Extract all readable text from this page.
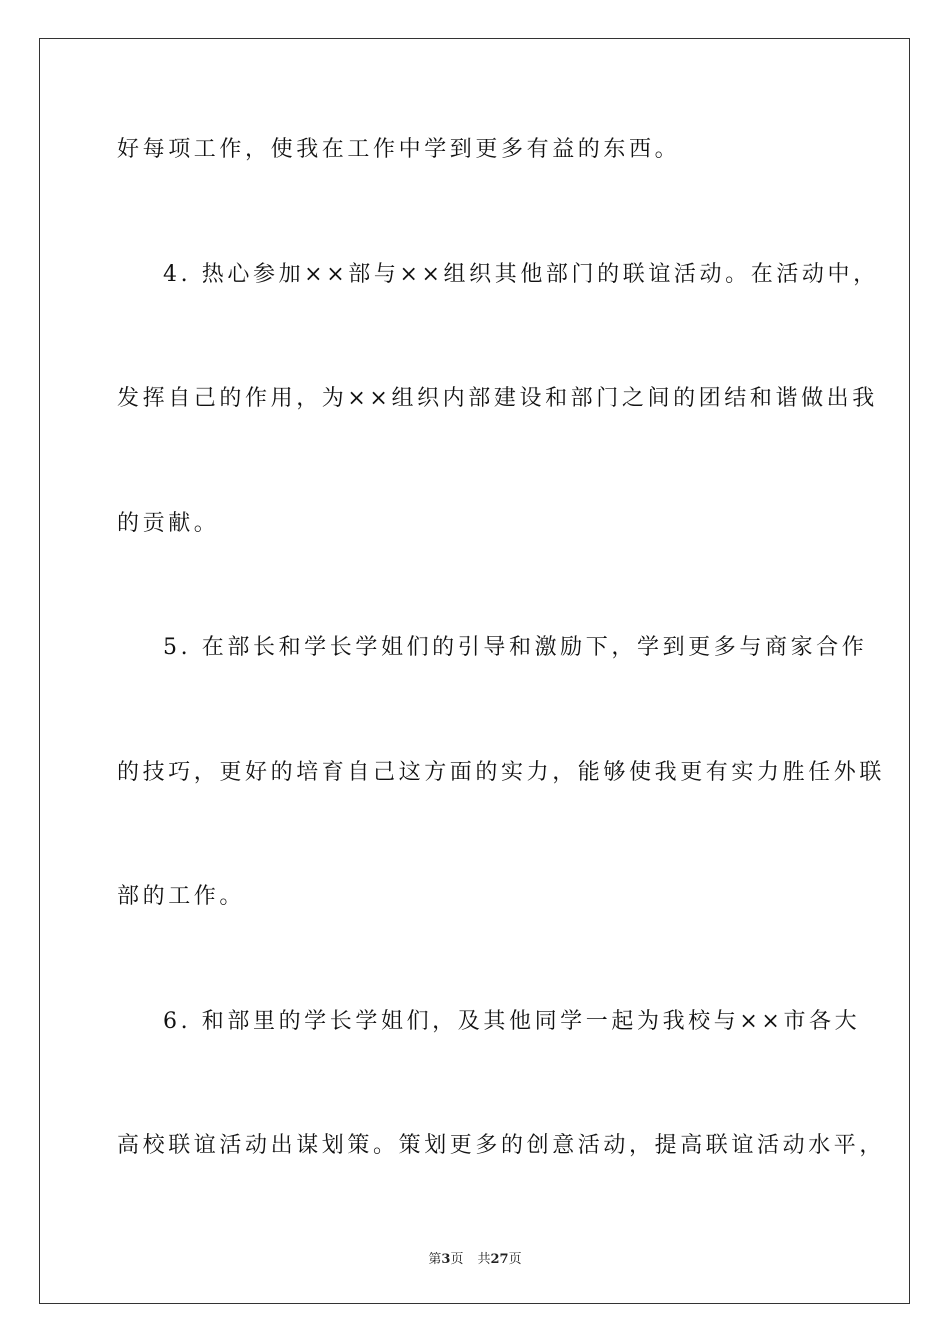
好每项工作，使我在工作中学到更多有益的东西。
4. 热心参加××部与××组织其他部门的联谊活动。在活动中，
发挥自己的作用，为××组织内部建设和部门之间的团结和谐做出我
的贡献。
5. 在部长和学长学姐们的引导和激励下，学到更多与商家合作
的技巧，更好的培育自己这方面的实力，能够使我更有实力胜任外联
部的工作。
6. 和部里的学长学姐们，及其他同学一起为我校与××市各大
高校联谊活动出谋划策。策划更多的创意活动，提高联谊活动水平，
第3页 共27页
